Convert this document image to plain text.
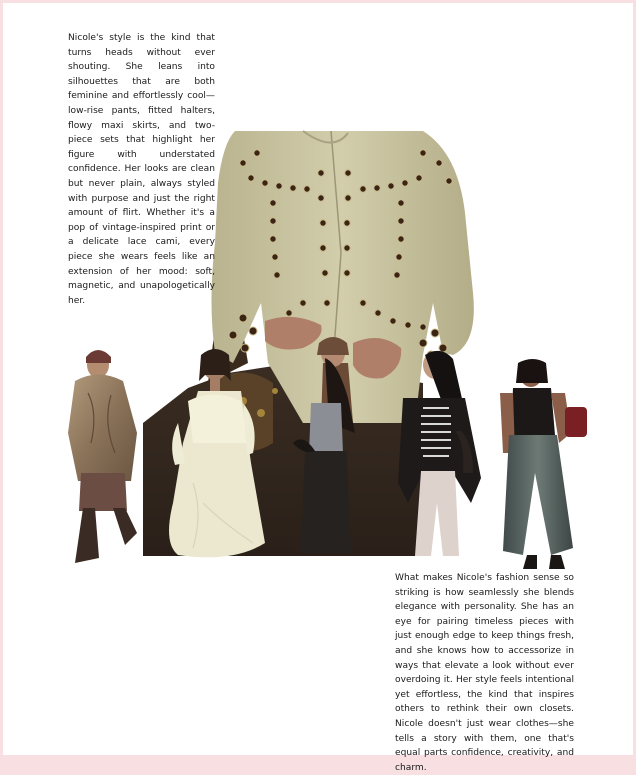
Nicole's style is the kind that turns heads without ever shouting. She leans into silhouettes that are both feminine and effortlessly cool—low-rise pants, fitted halters, flowy maxi skirts, and two-piece sets that highlight her figure with understated confidence. Her looks are clean but never plain, always styled with purpose and just the right amount of flirt. Whether it's a pop of vintage-inspired print or a delicate lace cami, every piece she wears feels like an extension of her mood: soft, magnetic, and unapologetically her.

What makes Nicole's fashion sense so striking is how seamlessly she blends elegance with personality. She has an eye for pairing timeless pieces with just enough edge to keep things fresh, and she knows how to accessorize in ways that elevate a look without ever overdoing it. Her style feels intentional yet effortless, the kind that inspires others to rethink their own closets. Nicole doesn't just wear clothes—she tells a story with them, one that's equal parts confidence, creativity, and charm.
